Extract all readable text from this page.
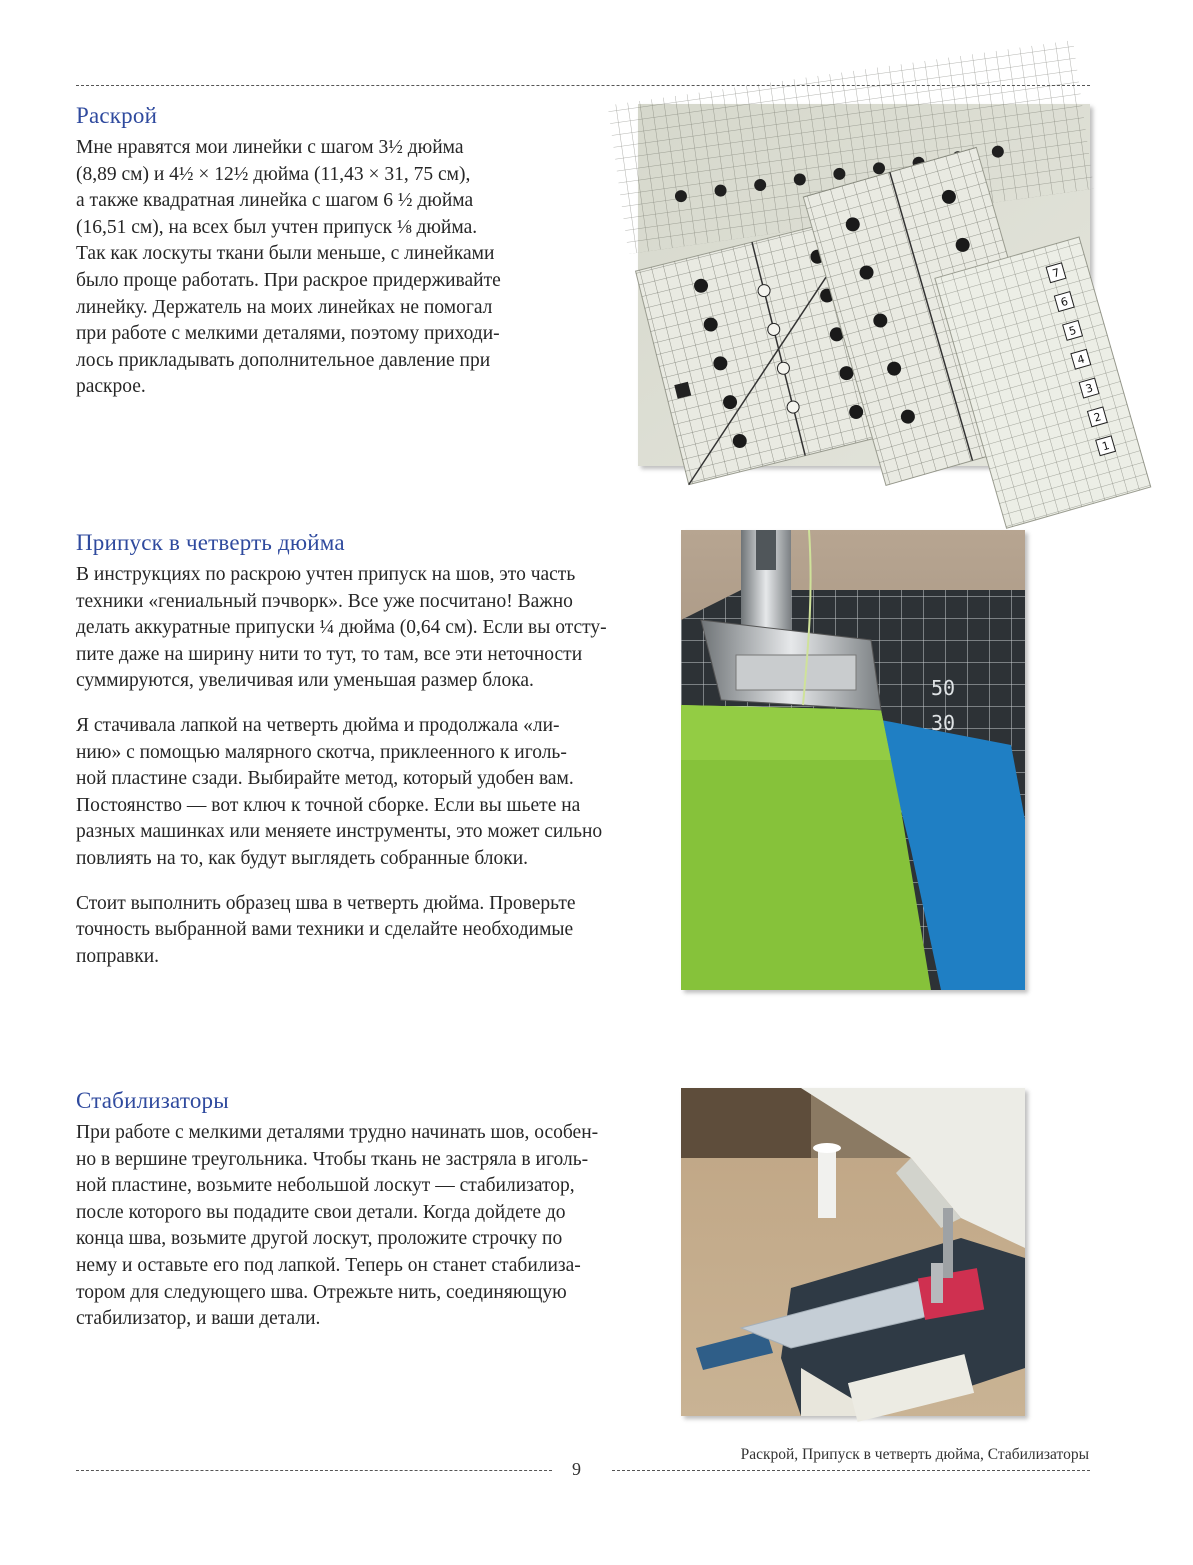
Раскрой

Мне нравятся мои линейки с шагом 3½ дюйма
(8,89 см) и 4½ × 12½ дюйма (11,43 × 31, 75 см),
а также квадратная линейка с шагом 6 ½ дюйма
(16,51 см), на всех был учтен припуск ⅛ дюйма.
Так как лоскуты ткани были меньше, с линейками
было проще работать. При раскрое придерживайте
линейку. Держатель на моих линейках не помогал
при работе с мелкими деталями, поэтому приходи-
лось прикладывать дополнительное давление при
раскрое.

7
6
5
4
3
2
1
Припуск в четверть дюйма

В инструкциях по раскрою учтен припуск на шов, это часть
техники «гениальный пэчворк». Все уже посчитано! Важно
делать аккуратные припуски ¼ дюйма (0,64 см). Если вы отсту-
пите даже на ширину нити то тут, то там, все эти неточности
суммируются, увеличивая или уменьшая размер блока.

Я стачивала лапкой на четверть дюйма и продолжала «ли-
нию» с помощью малярного скотча, приклеенного к иголь-
ной пластине сзади. Выбирайте метод, который удобен вам.
Постоянство — вот ключ к точной сборке. Если вы шьете на
разных машинках или меняете инструменты, это может сильно
повлиять на то, как будут выглядеть собранные блоки.

Стоит выполнить образец шва в четверть дюйма. Проверьте
точность выбранной вами техники и сделайте необходимые
поправки.

50
30
Стабилизаторы

При работе с мелкими деталями трудно начинать шов, особен-
но в вершине треугольника. Чтобы ткань не застряла в иголь-
ной пластине, возьмите небольшой лоскут — стабилизатор,
после которого вы подадите свои детали. Когда дойдете до
конца шва, возьмите другой лоскут, проложите строчку по
нему и оставьте его под лапкой. Теперь он станет стабилиза-
тором для следующего шва. Отрежьте нить, соединяющую
стабилизатор, и ваши детали.

Раскрой, Припуск в четверть дюйма, Стабилизаторы
9
